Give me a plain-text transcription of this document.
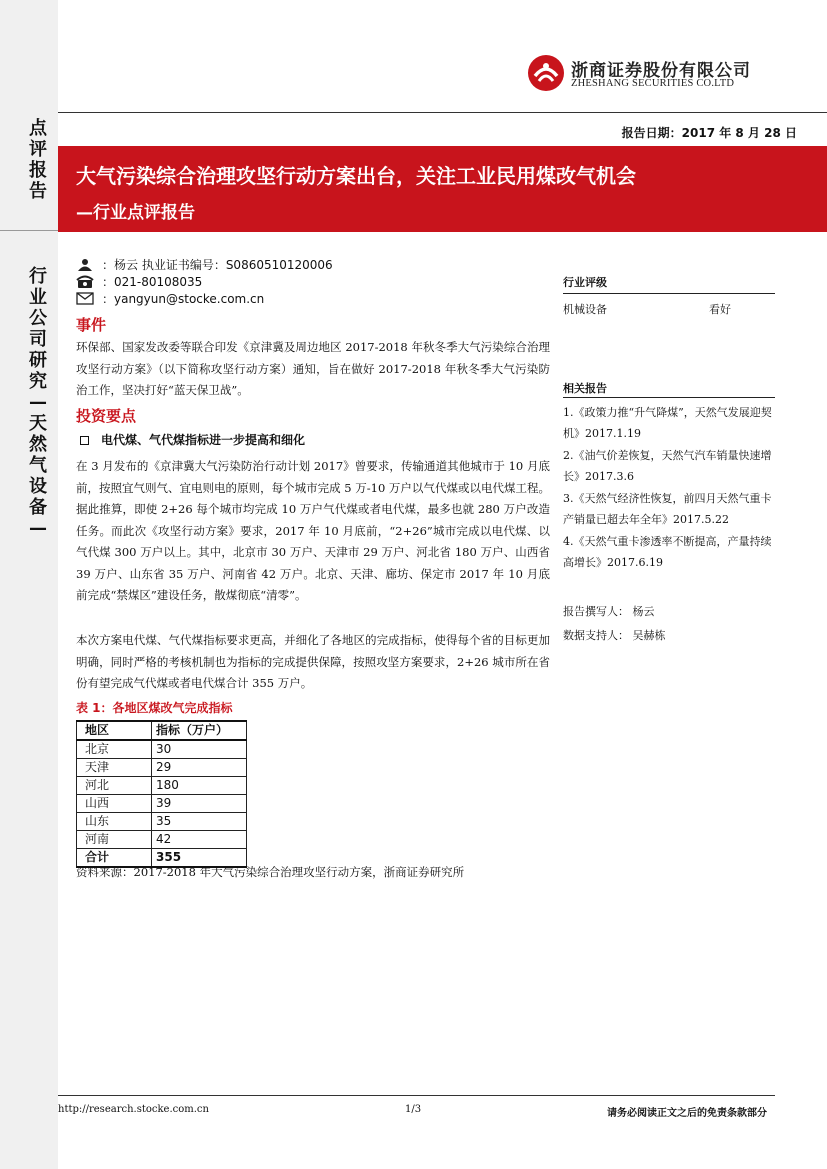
点
评
报
告
行
业
公
司
研
究
—
天
然
气
设
备
—
浙商证券股份有限公司
ZHESHANG SECURITIES CO.LTD
报告日期：2017 年 8 月 28 日
大气污染综合治理攻坚行动方案出台，关注工业民用煤改气机会
—行业点评报告
：杨云 执业证书编号：S0860510120006
：021-80108035
：yangyun@stocke.com.cn
事件

环保部、国家发改委等联合印发《京津冀及周边地区 2017-2018 年秋冬季大气污染综合治理攻坚行动方案》（以下简称攻坚行动方案）通知，旨在做好 2017-2018 年秋冬季大气污染防治工作，坚决打好“蓝天保卫战”。

投资要点
电代煤、气代煤指标进一步提高和细化

在 3 月发布的《京津冀大气污染防治行动计划 2017》曾要求，传输通道其他城市于 10 月底前，按照宜气则气、宜电则电的原则，每个城市完成 5 万-10 万户以气代煤或以电代煤工程。据此推算，即使 2+26 每个城市均完成 10 万户气代煤或者电代煤，最多也就 280 万户改造任务。而此次《攻坚行动方案》要求，2017 年 10 月底前，“2+26”城市完成以电代煤、以气代煤 300 万户以上。其中，北京市 30 万户、天津市 29 万户、河北省 180 万户、山西省 39 万户、山东省 35 万户、河南省 42 万户。北京、天津、廊坊、保定市 2017 年 10 月底前完成“禁煤区”建设任务，散煤彻底“清零”。

本次方案电代煤、气代煤指标要求更高，并细化了各地区的完成指标，使得每个省的目标更加明确，同时严格的考核机制也为指标的完成提供保障，按照攻坚方案要求，2+26 城市所在省份有望完成气代煤或者电代煤合计 355 万户。

表 1：各地区煤改气完成指标
地区	指标（万户）
北京	30
天津	29
河北	180
山西	39
山东	35
河南	42
合计	355
资料来源：2017-2018 年大气污染综合治理攻坚行动方案，浙商证券研究所
行业评级
机械设备	看好
相关报告

1.《政策力推“升气降煤”，天然气发展迎契机》2017.1.19

2.《油气价差恢复，天然气汽车销量快速增长》2017.3.6

3.《天然气经济性恢复，前四月天然气重卡产销量已超去年全年》2017.5.22

4.《天然气重卡渗透率不断提高，产量持续高增长》2017.6.19

报告撰写人： 杨云
数据支持人： 吴赫栋
http://research.stocke.com.cn	1/3	请务必阅读正文之后的免责条款部分
